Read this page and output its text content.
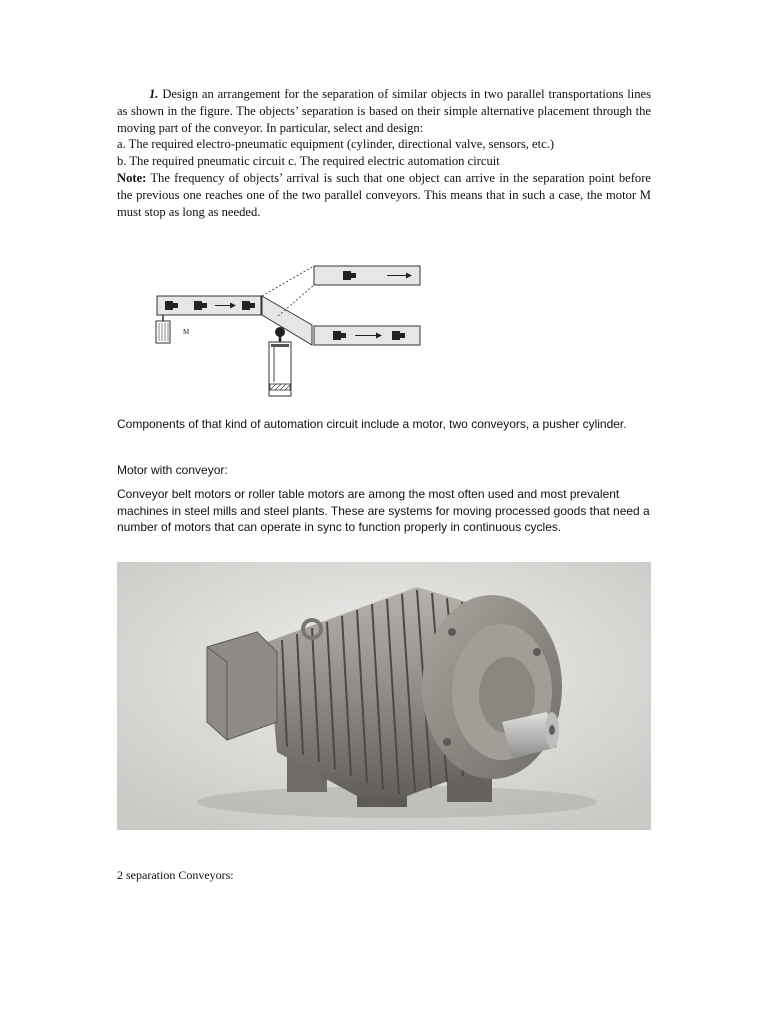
1. Design an arrangement for the separation of similar objects in two parallel transportations lines as shown in the figure. The objects’ separation is based on their simple alternative placement through the moving part of the conveyor. In particular, select and design:

a. The required electro-pneumatic equipment (cylinder, directional valve, sensors, etc.)

b. The required pneumatic circuit c. The required electric automation circuit

Note: The frequency of objects’ arrival is such that one object can arrive in the separation point before the previous one reaches one of the two parallel conveyors. This means that in such a case, the motor M must stop as long as needed.

M

Components of that kind of automation circuit include a motor, two conveyors, a pusher cylinder.

Motor with conveyor:

Conveyor belt motors or roller table motors are among the most often used and most prevalent machines in steel mills and steel plants. These are systems for moving processed goods that need a number of motors that can operate in sync to function properly in continuous cycles.

2 separation Conveyors:
